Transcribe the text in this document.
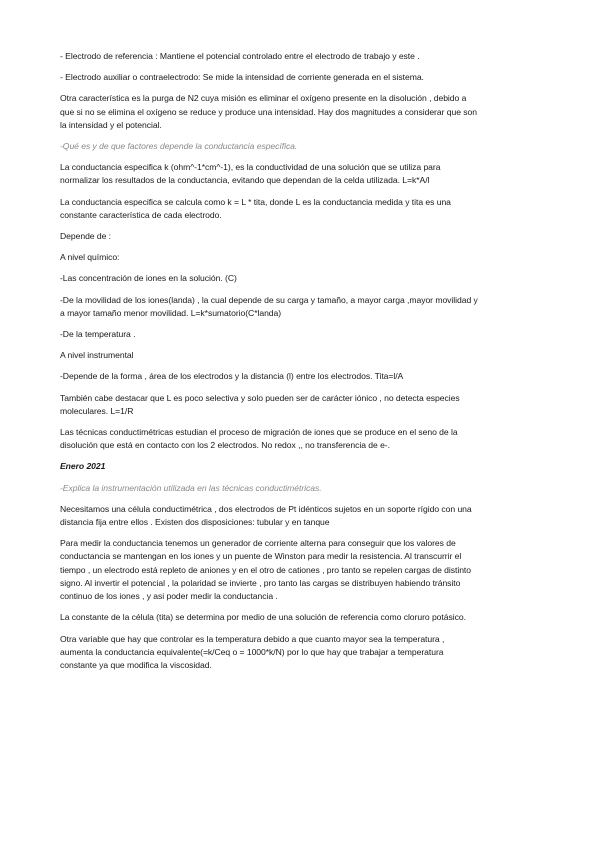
- Electrodo de referencia : Mantiene el potencial controlado entre el electrodo de trabajo y este .
- Electrodo auxiliar o contraelectrodo: Se mide la intensidad de corriente generada en el sistema.
Otra característica es la purga de N2 cuya misión es eliminar el oxígeno presente en la disolución , debido a
que si no se elimina el oxígeno se reduce y produce una intensidad. Hay dos magnitudes a considerar que son
la intensidad y el potencial.
-Qué es y de que factores depende la conductancia específica.
La conductancia especifica k (ohm^-1*cm^-1), es la conductividad de una solución que se utiliza para
normalizar los resultados de la conductancia, evitando que dependan de la celda utilizada. L=k*A/l
La conductancia especifica se calcula como k = L * tita, donde L es la conductancia medida y tita es una
constante característica de cada electrodo.
Depende de :
A nivel químico:
-Las concentración de iones en la solución. (C)
-De la movilidad de los iones(landa) , la cual depende de su carga y tamaño, a mayor carga ,mayor movilidad y
a mayor tamaño menor movilidad. L=k*sumatorio(C*landa)
-De la temperatura .
A nivel instrumental
-Depende de la forma , área de los electrodos y la distancia (l) entre los electrodos. Tita=l/A
También cabe destacar que L es poco selectiva y solo pueden ser de carácter iónico , no detecta especies
moleculares. L=1/R
Las técnicas conductimétricas estudian el proceso de migración de iones que se produce en el seno de la
disolución que está en contacto con los 2 electrodos. No redox ,, no transferencia de e-.
Enero 2021
-Explica la instrumentación utilizada en las técnicas conductimétricas.
Necesitamos una célula conductimétrica , dos electrodos de Pt idénticos sujetos en un soporte rígido con una
distancia fija entre ellos . Existen dos disposiciones: tubular y en tanque
Para medir la conductancia tenemos un generador de corriente alterna para conseguir que los valores de
conductancia se mantengan en los iones y un puente de Winston para medir la resistencia. Al transcurrir el
tiempo , un electrodo está repleto de aniones y en el otro de cationes , pro tanto se repelen cargas de distinto
signo. Al invertir el potencial , la polaridad se invierte , pro tanto las cargas se distribuyen habiendo tránsito
continuo de los iones , y asi poder medir la conductancia .
La constante de la célula (tita) se determina por medio de una solución de referencia como cloruro potásico.
Otra variable que hay que controlar es la temperatura debido a que cuanto mayor sea la temperatura ,
aumenta la conductancia equivalente(=k/Ceq o = 1000*k/N) por lo que hay que trabajar a temperatura
constante ya que modifica la viscosidad.
